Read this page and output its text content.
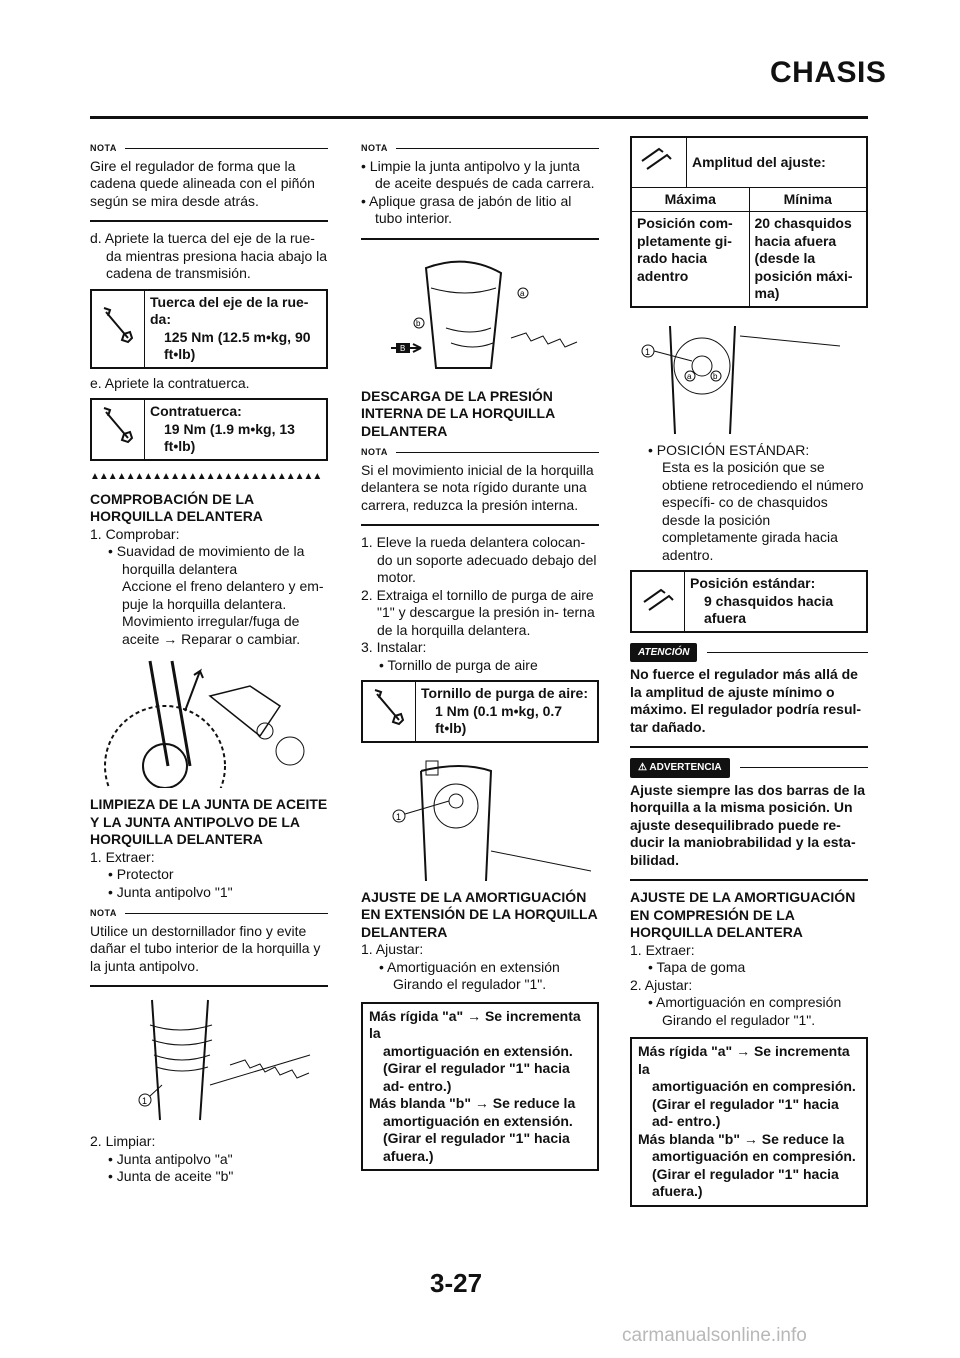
CHASIS
NOTA
Gire el regulador de forma que la cadena quede alineada con el piñón según se mira desde atrás.
d. Apriete la tuerca del eje de la rue- da mientras presiona hacia abajo la cadena de transmisión.
Tuerca del eje de la rue-
da:
125 Nm (12.5 m•kg, 90 ft•lb)
e. Apriete la contratuerca.
Contratuerca:
19 Nm (1.9 m•kg, 13 ft•lb)
▲▲▲▲▲▲▲▲▲▲▲▲▲▲▲▲▲▲▲▲▲▲▲▲▲▲
COMPROBACIÓN DE LA HORQUILLA DELANTERA
1. Comprobar:
• Suavidad de movimiento de la horquilla delantera
Accione el freno delantero y em- puje la horquilla delantera. Movimiento irregular/fuga de aceite → Reparar o cambiar.
LIMPIEZA DE LA JUNTA DE ACEITE Y LA JUNTA ANTIPOLVO DE LA HORQUILLA DELANTERA
1. Extraer:
• Protector
• Junta antipolvo "1"
NOTA
Utilice un destornillador fino y evite dañar el tubo interior de la horquilla y la junta antipolvo.
1
2. Limpiar:
• Junta antipolvo "a"
• Junta de aceite "b"
NOTA
• Limpie la junta antipolvo y la junta de aceite después de cada carrera.
• Aplique grasa de jabón de litio al tubo interior.
a
b
B
DESCARGA DE LA PRESIÓN INTERNA DE LA HORQUILLA DELANTERA
NOTA
Si el movimiento inicial de la horquilla delantera se nota rígido durante una carrera, reduzca la presión interna.
1. Eleve la rueda delantera colocan- do un soporte adecuado debajo del motor.
2. Extraiga el tornillo de purga de aire "1" y descargue la presión in- terna de la horquilla delantera.
3. Instalar:
• Tornillo de purga de aire
Tornillo de purga de aire:
1 Nm (0.1 m•kg, 0.7 ft•lb)
1
AJUSTE DE LA AMORTIGUACIÓN EN EXTENSIÓN DE LA HORQUILLA DELANTERA
1. Ajustar:
• Amortiguación en extensión
Girando el regulador "1".
Más rígida "a" → Se incrementa la
amortiguación en extensión. (Girar el regulador "1" hacia ad- entro.)
Más blanda "b" → Se reduce la
amortiguación en extensión. (Girar el regulador "1" hacia afuera.)
Amplitud del ajuste:
Máxima	Mínima
Posición com- pletamente gi- rado hacia adentro
20 chasquidos hacia afuera (desde la posición máxi- ma)
a	b
1
• POSICIÓN ESTÁNDAR:
Esta es la posición que se obtiene retrocediendo el número específi- co de chasquidos desde la posición completamente girada hacia adentro.
Posición estándar:
9 chasquidos hacia afuera
ATENCIÓN
No fuerce el regulador más allá de la amplitud de ajuste mínimo o máximo. El regulador podría resul- tar dañado.
⚠ ADVERTENCIA
Ajuste siempre las dos barras de la horquilla a la misma posición. Un ajuste desequilibrado puede re- ducir la maniobrabilidad y la esta- bilidad.
AJUSTE DE LA AMORTIGUACIÓN EN COMPRESIÓN DE LA HORQUILLA DELANTERA
1. Extraer:
• Tapa de goma
2. Ajustar:
• Amortiguación en compresión
Girando el regulador "1".
Más rígida "a" → Se incrementa la
amortiguación en compresión. (Girar el regulador "1" hacia ad- entro.)
Más blanda "b" → Se reduce la
amortiguación en compresión. (Girar el regulador "1" hacia afuera.)
3-27
carmanualsonline.info
